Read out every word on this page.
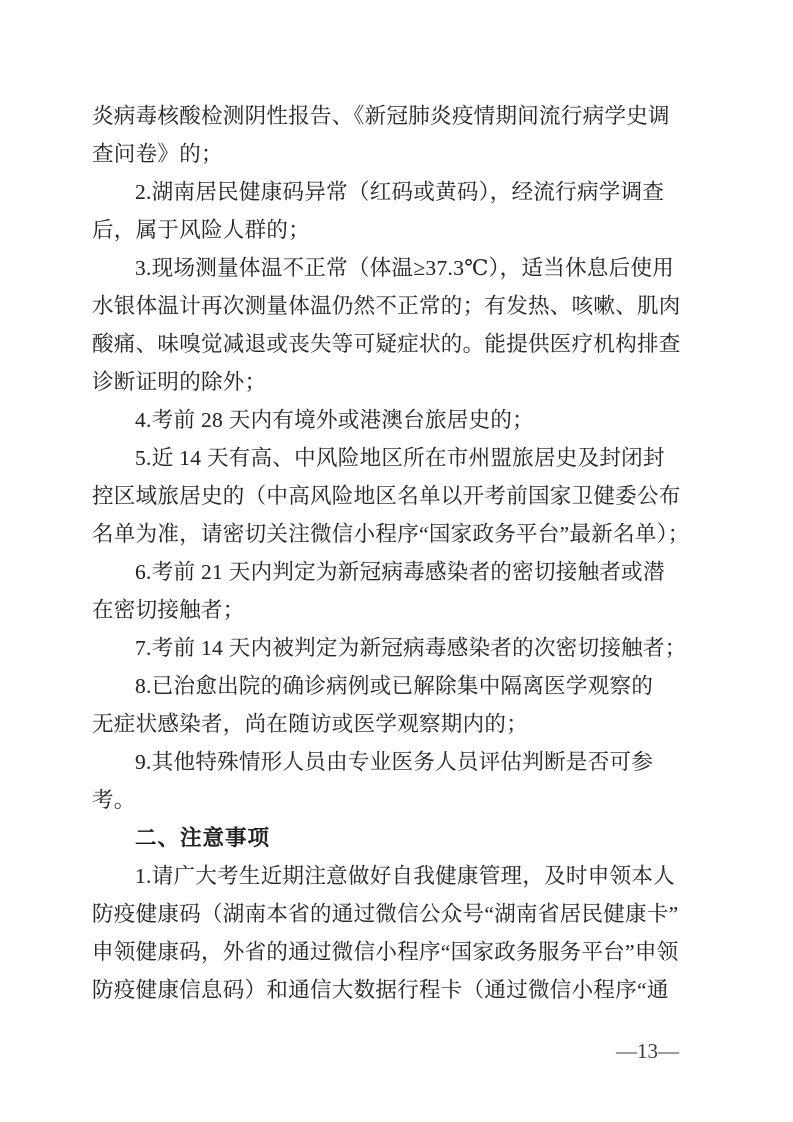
炎病毒核酸检测阴性报告、《新冠肺炎疫情期间流行病学史调
查问卷》的；
2.湖南居民健康码异常（红码或黄码），经流行病学调查
后，属于风险人群的；
3.现场测量体温不正常（体温≥37.3℃），适当休息后使用
水银体温计再次测量体温仍然不正常的；有发热、咳嗽、肌肉
酸痛、味嗅觉减退或丧失等可疑症状的。能提供医疗机构排查
诊断证明的除外；
4.考前 28 天内有境外或港澳台旅居史的；
5.近 14 天有高、中风险地区所在市州盟旅居史及封闭封
控区域旅居史的（中高风险地区名单以开考前国家卫健委公布
名单为准，请密切关注微信小程序“国家政务平台”最新名单）；
6.考前 21 天内判定为新冠病毒感染者的密切接触者或潜
在密切接触者；
7.考前 14 天内被判定为新冠病毒感染者的次密切接触者；
8.已治愈出院的确诊病例或已解除集中隔离医学观察的
无症状感染者，尚在随访或医学观察期内的；
9.其他特殊情形人员由专业医务人员评估判断是否可参
考。
二、注意事项
1.请广大考生近期注意做好自我健康管理，及时申领本人
防疫健康码（湖南本省的通过微信公众号“湖南省居民健康卡”
申领健康码，外省的通过微信小程序“国家政务服务平台”申领
防疫健康信息码）和通信大数据行程卡（通过微信小程序“通
—13—
